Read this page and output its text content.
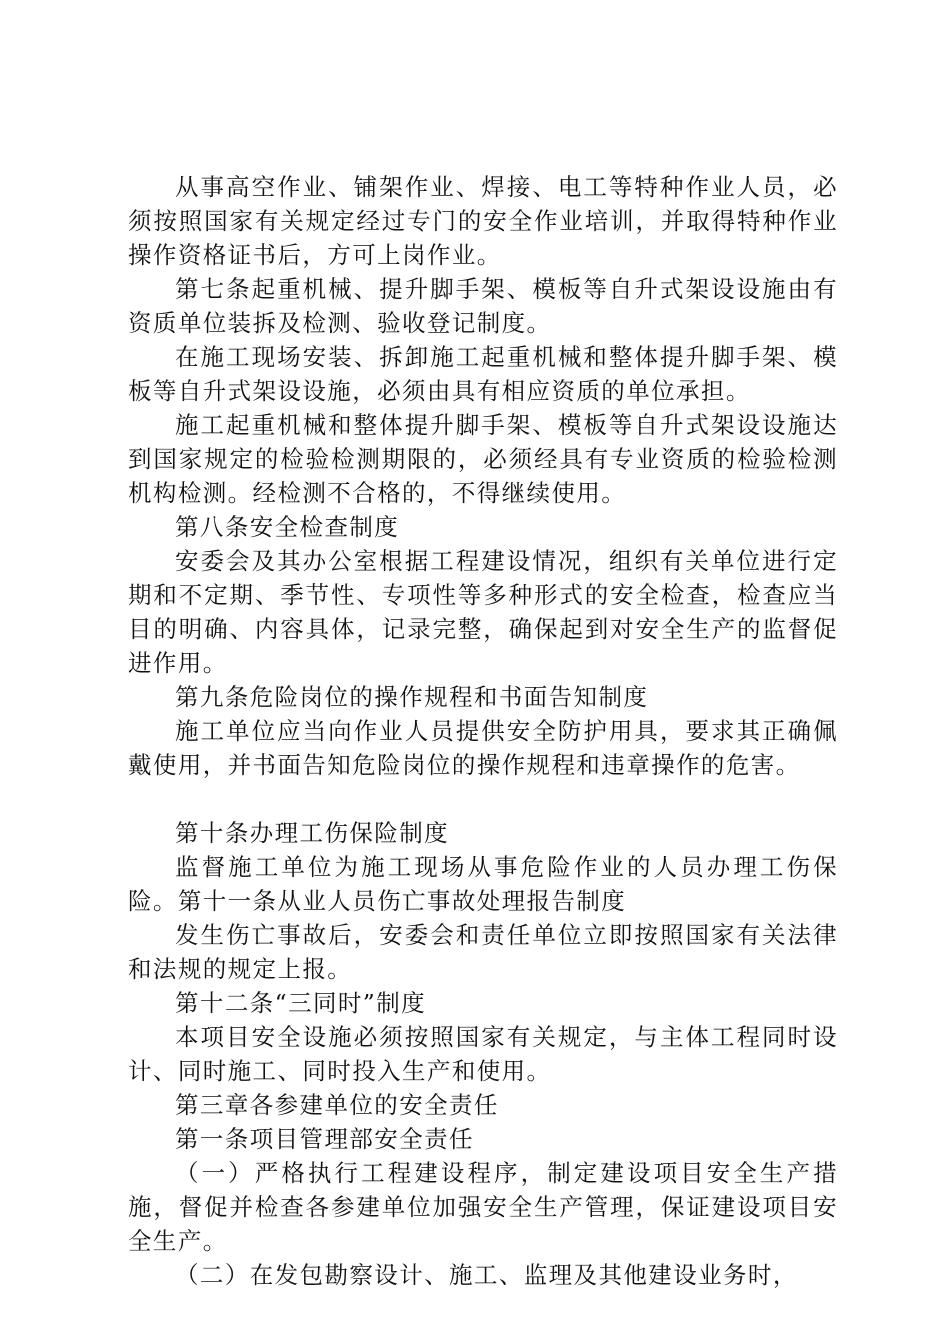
从事高空作业、铺架作业、焊接、电工等特种作业人员，必须按照国家有关规定经过专门的安全作业培训，并取得特种作业操作资格证书后，方可上岗作业。

第七条起重机械、提升脚手架、模板等自升式架设设施由有资质单位装拆及检测、验收登记制度。

在施工现场安装、拆卸施工起重机械和整体提升脚手架、模板等自升式架设设施，必须由具有相应资质的单位承担。

施工起重机械和整体提升脚手架、模板等自升式架设设施达到国家规定的检验检测期限的，必须经具有专业资质的检验检测机构检测。经检测不合格的，不得继续使用。

第八条安全检查制度

安委会及其办公室根据工程建设情况，组织有关单位进行定期和不定期、季节性、专项性等多种形式的安全检查，检查应当目的明确、内容具体，记录完整，确保起到对安全生产的监督促进作用。

第九条危险岗位的操作规程和书面告知制度

施工单位应当向作业人员提供安全防护用具，要求其正确佩戴使用，并书面告知危险岗位的操作规程和违章操作的危害。

第十条办理工伤保险制度

监督施工单位为施工现场从事危险作业的人员办理工伤保险。第十一条从业人员伤亡事故处理报告制度

发生伤亡事故后，安委会和责任单位立即按照国家有关法律和法规的规定上报。

第十二条“三同时”制度

本项目安全设施必须按照国家有关规定，与主体工程同时设计、同时施工、同时投入生产和使用。

第三章各参建单位的安全责任

第一条项目管理部安全责任

（一）严格执行工程建设程序，制定建设项目安全生产措施，督促并检查各参建单位加强安全生产管理，保证建设项目安全生产。

（二）在发包勘察设计、施工、监理及其他建设业务时，
